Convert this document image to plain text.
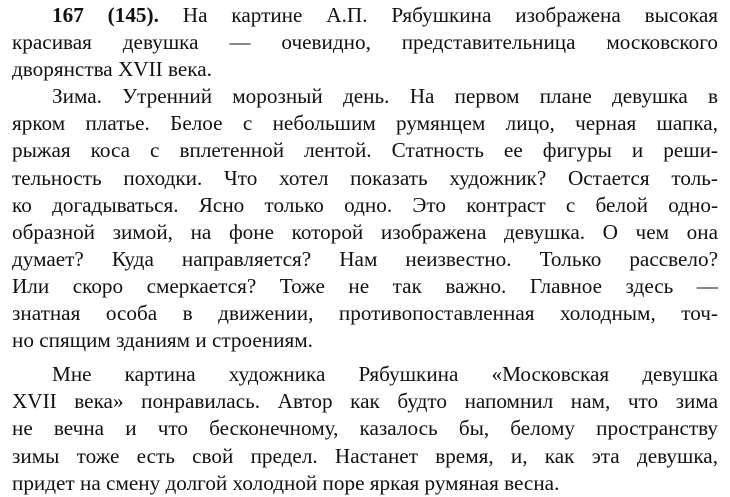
167 (145). На картине А.П. Рябушкина изображена высокая
красивая девушка — очевидно, представительница московского
дворянства XVII века.
Зима. Утренний морозный день. На первом плане девушка в
ярком платье. Белое с небольшим румянцем лицо, черная шапка,
рыжая коса с вплетенной лентой. Статность ее фигуры и реши-
тельность походки. Что хотел показать художник? Остается толь-
ко догадываться. Ясно только одно. Это контраст с белой одно-
образной зимой, на фоне которой изображена девушка. О чем она
думает? Куда направляется? Нам неизвестно. Только рассвело?
Или скоро смеркается? Тоже не так важно. Главное здесь —
знатная особа в движении, противопоставленная холодным, точ-
но спящим зданиям и строениям.
Мне картина художника Рябушкина «Московская девушка
XVII века» понравилась. Автор как будто напомнил нам, что зима
не вечна и что бесконечному, казалось бы, белому пространству
зимы тоже есть свой предел. Настанет время, и, как эта девушка,
придет на смену долгой холодной поре яркая румяная весна.
